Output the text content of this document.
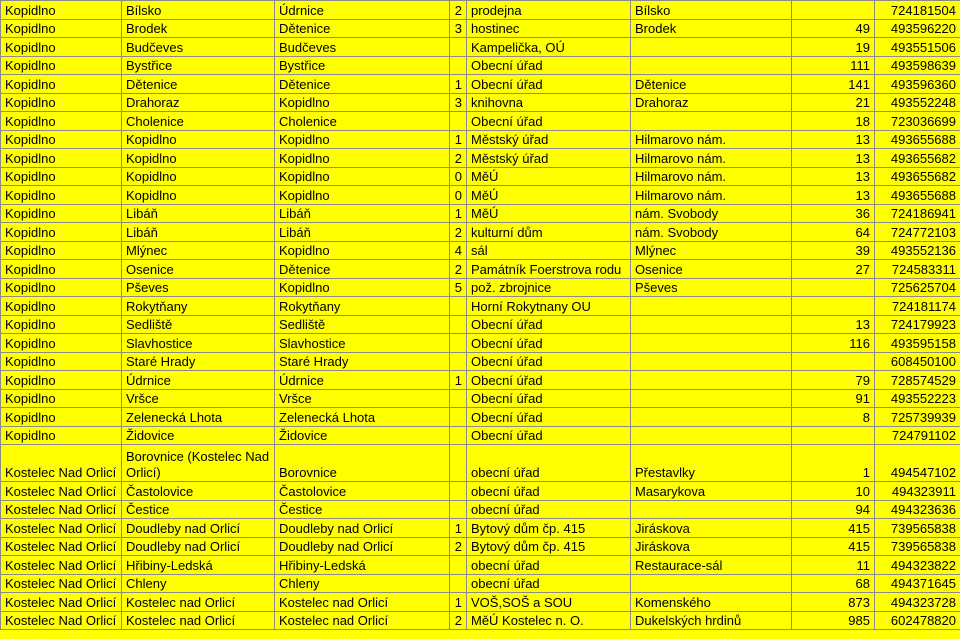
Kopidlno	Bílsko	Údrnice	2	prodejna	Bílsko		724181504
Kopidlno	Brodek	Dětenice	3	hostinec	Brodek	49	493596220
Kopidlno	Budčeves	Budčeves		Kampelička, OÚ		19	493551506
Kopidlno	Bystřice	Bystřice		Obecní úřad		111	493598639
Kopidlno	Dětenice	Dětenice	1	Obecní úřad	Dětenice	141	493596360
Kopidlno	Drahoraz	Kopidlno	3	knihovna	Drahoraz	21	493552248
Kopidlno	Cholenice	Cholenice		Obecní úřad		18	723036699
Kopidlno	Kopidlno	Kopidlno	1	Městský úřad	Hilmarovo nám.	13	493655688
Kopidlno	Kopidlno	Kopidlno	2	Městský úřad	Hilmarovo nám.	13	493655682
Kopidlno	Kopidlno	Kopidlno	0	MěÚ	Hilmarovo nám.	13	493655682
Kopidlno	Kopidlno	Kopidlno	0	MěÚ	Hilmarovo nám.	13	493655688
Kopidlno	Libáň	Libáň	1	MěÚ	nám. Svobody	36	724186941
Kopidlno	Libáň	Libáň	2	kulturní dům	nám. Svobody	64	724772103
Kopidlno	Mlýnec	Kopidlno	4	sál	Mlýnec	39	493552136
Kopidlno	Osenice	Dětenice	2	Památník Foerstrova rodu	Osenice	27	724583311
Kopidlno	Pševes	Kopidlno	5	pož. zbrojnice	Pševes		725625704
Kopidlno	Rokytňany	Rokytňany		Horní Rokytnany OU			724181174
Kopidlno	Sedliště	Sedliště		Obecní úřad		13	724179923
Kopidlno	Slavhostice	Slavhostice		Obecní úřad		116	493595158
Kopidlno	Staré Hrady	Staré Hrady		Obecní úřad			608450100
Kopidlno	Údrnice	Údrnice	1	Obecní úřad		79	728574529
Kopidlno	Vršce	Vršce		Obecní úřad		91	493552223
Kopidlno	Zelenecká Lhota	Zelenecká Lhota		Obecní úřad		8	725739939
Kopidlno	Židovice	Židovice		Obecní úřad			724791102
Kostelec Nad Orlicí	Borovnice (Kostelec Nad Orlicí)	Borovnice		obecní úřad	Přestavlky	1	494547102
Kostelec Nad Orlicí	Častolovice	Častolovice		obecní úřad	Masarykova	10	494323911
Kostelec Nad Orlicí	Čestice	Čestice		obecní úřad		94	494323636
Kostelec Nad Orlicí	Doudleby nad Orlicí	Doudleby nad Orlicí	1	Bytový dům čp. 415	Jiráskova	415	739565838
Kostelec Nad Orlicí	Doudleby nad Orlicí	Doudleby nad Orlicí	2	Bytový dům čp. 415	Jiráskova	415	739565838
Kostelec Nad Orlicí	Hřibiny-Ledská	Hřibiny-Ledská		obecní úřad	Restaurace-sál	11	494323822
Kostelec Nad Orlicí	Chleny	Chleny		obecní úřad		68	494371645
Kostelec Nad Orlicí	Kostelec nad Orlicí	Kostelec nad Orlicí	1	VOŠ,SOŠ a SOU	Komenského	873	494323728
Kostelec Nad Orlicí	Kostelec nad Orlicí	Kostelec nad Orlicí	2	MěÚ Kostelec n. O.	Dukelských hrdinů	985	602478820
